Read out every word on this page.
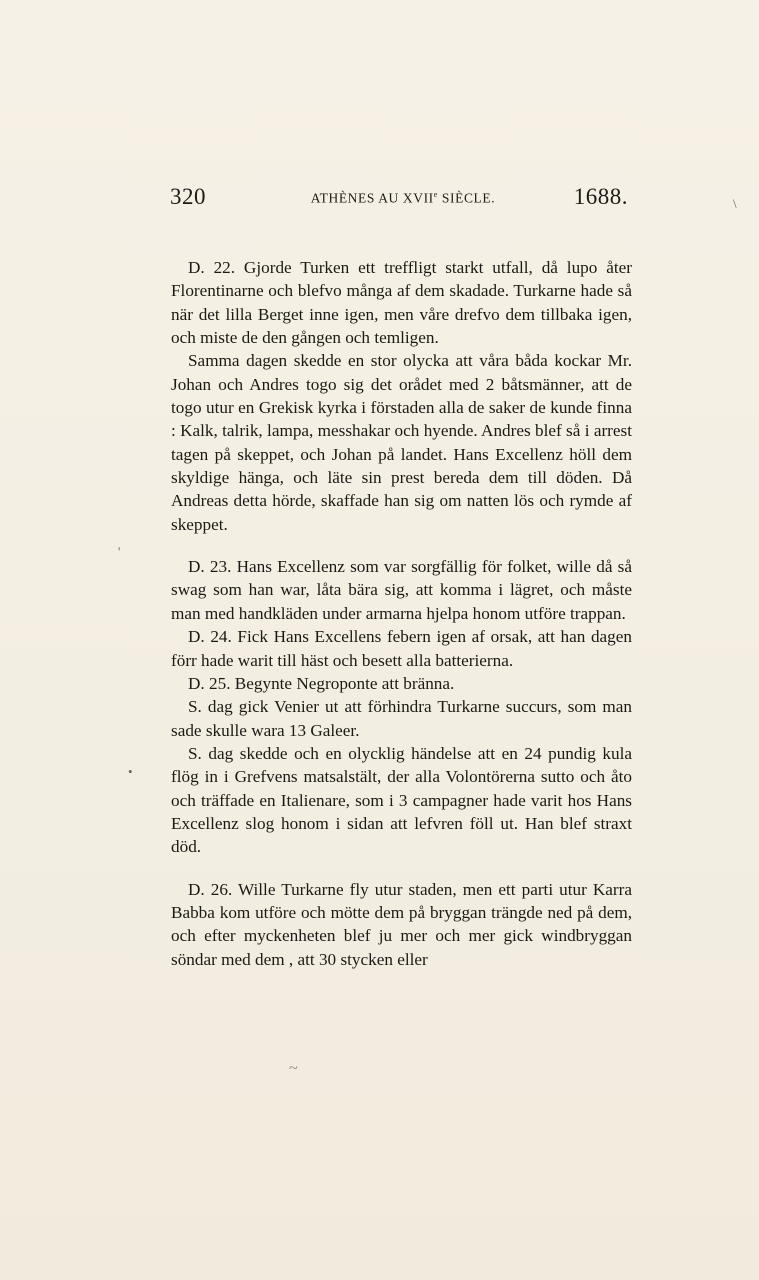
320	ATHÈNES AU XVIIe SIÈCLE.	1688.	\
'
•

D. 22. Gjorde Turken ett treffligt starkt utfall, då lupo åter Florentinarne och blefvo många af dem skadade. Turkarne hade så när det lilla Berget inne igen, men våre drefvo dem tillbaka igen, och miste de den gången och temligen.

Samma dagen skedde en stor olycka att våra båda kockar Mr. Johan och Andres togo sig det orådet med 2 båtsmänner, att de togo utur en Grekisk kyrka i förstaden alla de saker de kunde finna : Kalk, talrik, lampa, messhakar och hyende. Andres blef så i arrest tagen på skeppet, och Johan på landet. Hans Excellenz höll dem skyldige hänga, och läte sin prest bereda dem till döden. Då Andreas detta hörde, skaffade han sig om natten lös och rymde af skeppet.

D. 23. Hans Excellenz som var sorgfällig för folket, wille då så swag som han war, låta bära sig, att komma i lägret, och måste man med handkläden under armarna hjelpa honom utföre trappan.

D. 24. Fick Hans Excellens febern igen af orsak, att han dagen förr hade warit till häst och besett alla batterierna.

D. 25. Begynte Negroponte att bränna.

S. dag gick Venier ut att förhindra Turkarne succurs, som man sade skulle wara 13 Galeer.

S. dag skedde och en olycklig händelse att en 24 pundig kula flög in i Grefvens matsalstält, der alla Volontörerna sutto och åto och träffade en Italienare, som i 3 campagner hade varit hos Hans Excellenz slog honom i sidan att lefvren föll ut. Han blef straxt död.

D. 26. Wille Turkarne fly utur staden, men ett parti utur Karra Babba kom utföre och mötte dem på bryggan trängde ned på dem, och efter myckenheten blef ju mer och mer gick windbryggan söndar med dem , att 30 stycken eller

~
